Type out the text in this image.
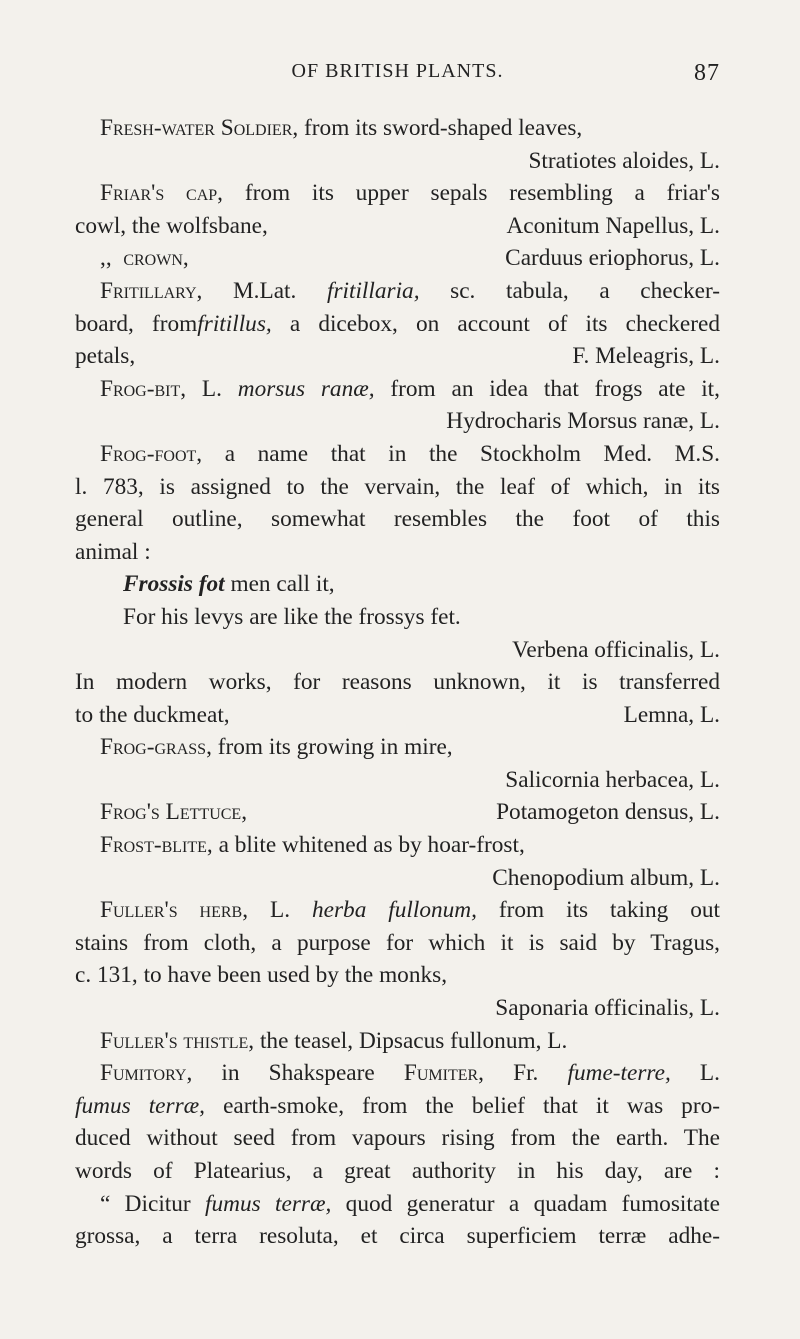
OF BRITISH PLANTS.	87
Fresh-water Soldier, from its sword-shaped leaves,
Stratiotes aloides, L.
Friar's cap, from its upper sepals resembling a friar's
cowl, the wolfsbane,	Aconitum Napellus, L.
,, crown,	Carduus eriophorus, L.
Fritillary, M.Lat. fritillaria, sc. tabula, a checker-
board, fromfritillus, a dicebox, on account of its checkered
petals,	F. Meleagris, L.
Frog-bit, L. morsus ranæ, from an idea that frogs ate it,
Hydrocharis Morsus ranæ, L.
Frog-foot, a name that in the Stockholm Med. M.S.
l. 783, is assigned to the vervain, the leaf of which, in its
general outline, somewhat resembles the foot of this
animal :
Frossis fot men call it,
For his levys are like the frossys fet.
Verbena officinalis, L.
In modern works, for reasons unknown, it is transferred
to the duckmeat,	Lemna, L.
Frog-grass, from its growing in mire,
Salicornia herbacea, L.
Frog's Lettuce,	Potamogeton densus, L.
Frost-blite, a blite whitened as by hoar-frost,
Chenopodium album, L.
Fuller's herb, L. herba fullonum, from its taking out
stains from cloth, a purpose for which it is said by Tragus,
c. 131, to have been used by the monks,
Saponaria officinalis, L.
Fuller's thistle, the teasel, Dipsacus fullonum, L.
Fumitory, in Shakspeare Fumiter, Fr. fume-terre, L.
fumus terræ, earth-smoke, from the belief that it was pro-
duced without seed from vapours rising from the earth. The
words of Platearius, a great authority in his day, are :
“ Dicitur fumus terræ, quod generatur a quadam fumositate
grossa, a terra resoluta, et circa superficiem terræ adhe-
